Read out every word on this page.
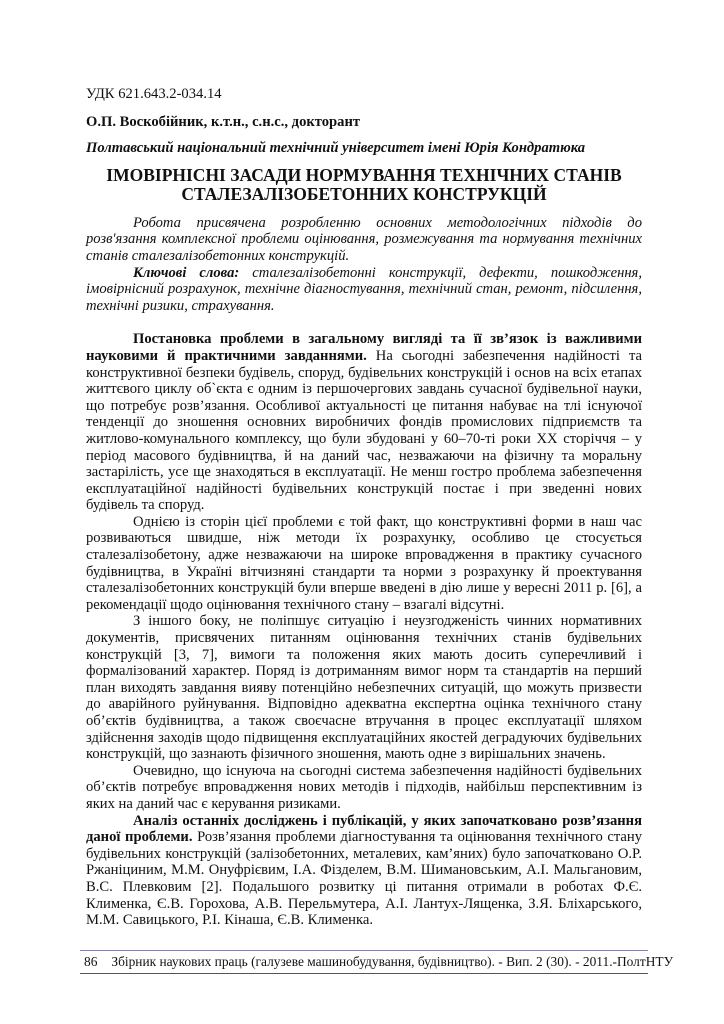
УДК 621.643.2-034.14

О.П. Воскобійник, к.т.н., с.н.с., докторант

Полтавський національний технічний університет імені Юрія Кондратюка

ІМОВІРНІСНІ ЗАСАДИ НОРМУВАННЯ ТЕХНІЧНИХ СТАНІВ СТАЛЕЗАЛІЗОБЕТОННИХ КОНСТРУКЦІЙ

Робота присвячена розробленню основних методологічних підходів до розв'язання комплексної проблеми оцінювання, розмежування та нормування технічних станів сталезалізобетонних конструкцій.

Ключові слова: сталезалізобетонні конструкції, дефекти, пошкодження, імовірнісний розрахунок, технічне діагностування, технічний стан, ремонт, підсилення, технічні ризики, страхування.

Постановка проблеми в загальному вигляді та її зв’язок із важливими науковими й практичними завданнями. На сьогодні забезпечення надійності та конструктивної безпеки будівель, споруд, будівельних конструкцій і основ на всіх етапах життєвого циклу об`єкта є одним із першочергових завдань сучасної будівельної науки, що потребує розв’язання. Особливої актуальності це питання набуває на тлі існуючої тенденції до зношення основних виробничих фондів промислових підприємств та житлово-комунального комплексу, що були збудовані у 60–70-ті роки ХХ сторіччя – у період масового будівництва, й на даний час, незважаючи на фізичну та моральну застарілість, усе ще знаходяться в експлуатації. Не менш гостро проблема забезпечення експлуатаційної надійності будівельних конструкцій постає і при зведенні нових будівель та споруд.

Однією із сторін цієї проблеми є той факт, що конструктивні форми в наш час розвиваються швидше, ніж методи їх розрахунку, особливо це стосується сталезалізобетону, адже незважаючи на широке впровадження в практику сучасного будівництва, в Україні вітчизняні стандарти та норми з розрахунку й проектування сталезалізобетонних конструкцій були вперше введені в дію лише у вересні 2011 р. [6], а рекомендації щодо оцінювання технічного стану – взагалі відсутні.

З іншого боку, не поліпшує ситуацію і неузгодженість чинних нормативних документів, присвячених питанням оцінювання технічних станів будівельних конструкцій [3, 7], вимоги та положення яких мають досить суперечливий і формалізований характер. Поряд із дотриманням вимог норм та стандартів на перший план виходять завдання вияву потенційно небезпечних ситуацій, що можуть призвести до аварійного руйнування. Відповідно адекватна експертна оцінка технічного стану об’єктів будівництва, а також своєчасне втручання в процес експлуатації шляхом здійснення заходів щодо підвищення експлуатаційних якостей деградуючих будівельних конструкцій, що зазнають фізичного зношення, мають одне з вирішальних значень.

Очевидно, що існуюча на сьогодні система забезпечення надійності будівельних об’єктів потребує впровадження нових методів і підходів, найбільш перспективним із яких на даний час є керування ризиками.

Аналіз останніх досліджень і публікацій, у яких започатковано розв’язання даної проблеми. Розв’язання проблеми діагностування та оцінювання технічного стану будівельних конструкцій (залізобетонних, металевих, кам’яних) було започатковано О.Р. Ржаніциним, М.М. Онуфрієвим, І.А. Фізделем, В.М. Шимановським, А.І. Мальгановим, В.С. Плевковим [2]. Подальшого розвитку ці питання отримали в роботах Ф.Є. Клименка, Є.В. Горохова, А.В. Перельмутера, А.І. Лантух-Лященка, З.Я. Бліхарського, М.М. Савицького, Р.І. Кінаша, Є.В. Клименка.

86 Збірник наукових праць (галузеве машинобудування, будівництво). - Вип. 2 (30). - 2011.-ПолтНТУ
